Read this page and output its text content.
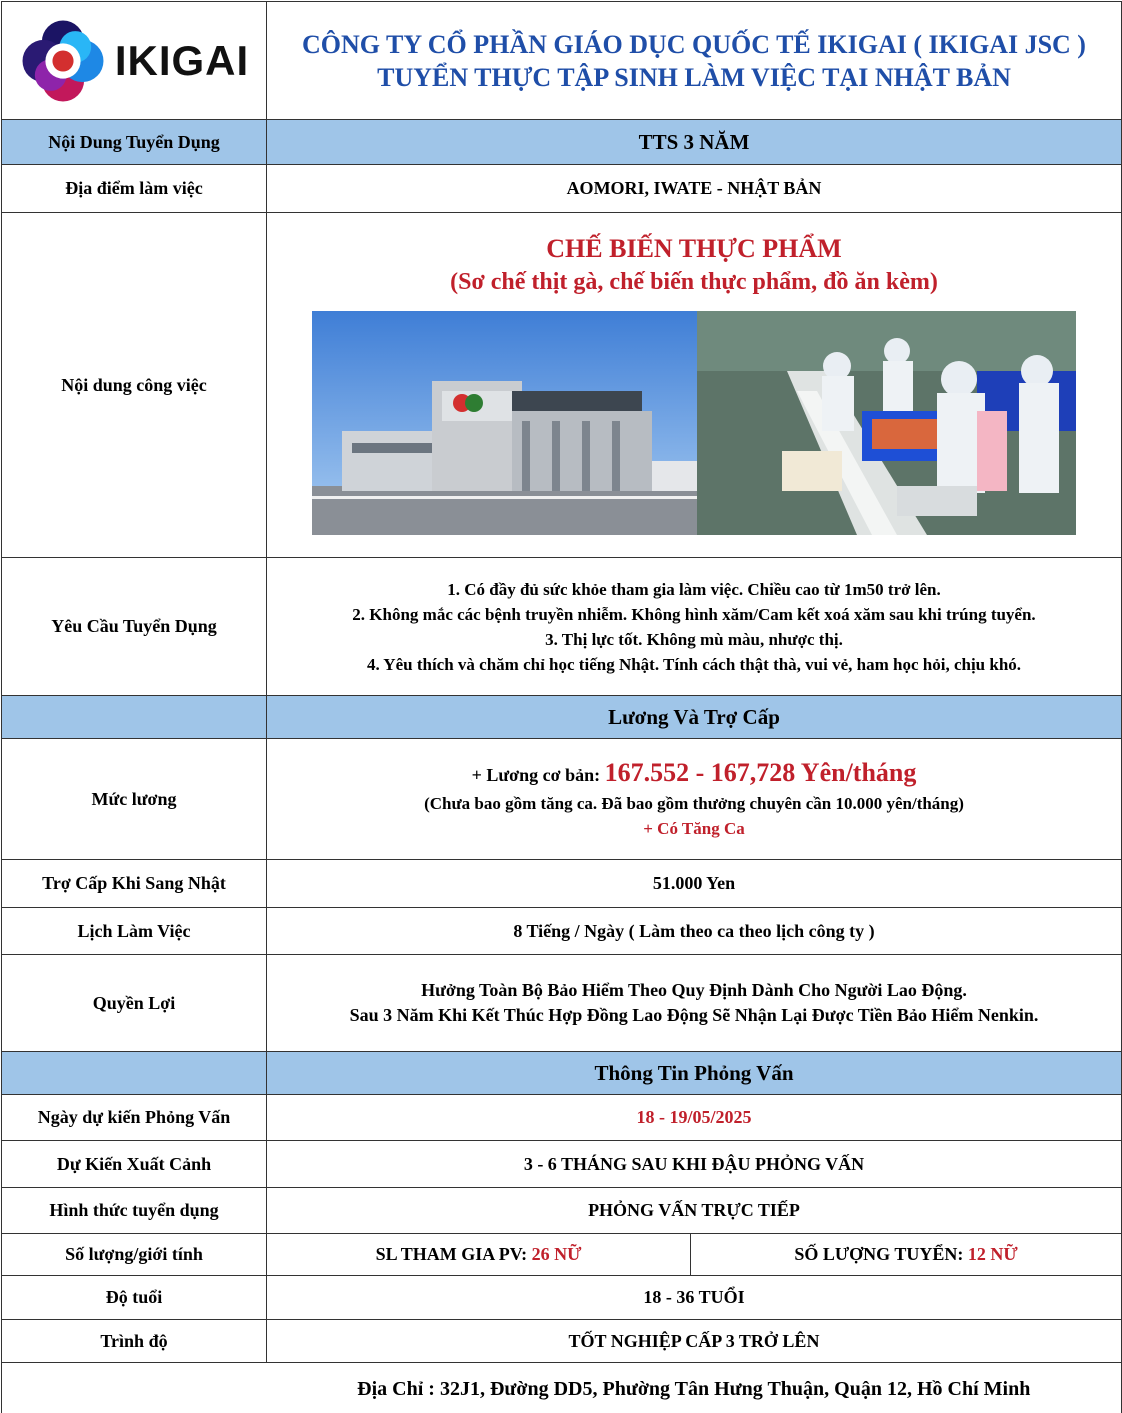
IKIGAI	CÔNG TY CỔ PHẦN GIÁO DỤC QUỐC TẾ IKIGAI ( IKIGAI JSC )
TUYỂN THỰC TẬP SINH LÀM VIỆC TẠI NHẬT BẢN	

Nội Dung Tuyển Dụng	TTS 3 NĂM	
Địa điểm làm việc	AOMORI, IWATE - NHẬT BẢN	
Nội dung công việc	CHẾ BIẾN THỰC PHẨM
(Sơ chế thịt gà, chế biến thực phẩm, đồ ăn kèm)	

Yêu Cầu Tuyển Dụng	1. Có đầy đủ sức khỏe tham gia làm việc. Chiều cao từ 1m50 trở lên.

2. Không mắc các bệnh truyền nhiễm. Không hình xăm/Cam kết xoá xăm sau khi trúng tuyển.

3. Thị lực tốt. Không mù màu, nhược thị.

4. Yêu thích và chăm chỉ học tiếng Nhật. Tính cách thật thà, vui vẻ, ham học hỏi, chịu khó.	

	Lương Và Trợ Cấp	
Mức lương	+ Lương cơ bản: 167.552 - 167,728 Yên/tháng
(Chưa bao gồm tăng ca. Đã bao gồm thưởng chuyên cần 10.000 yên/tháng)
+ Có Tăng Ca	

Trợ Cấp Khi Sang Nhật	51.000 Yen	
Lịch Làm Việc	8 Tiếng / Ngày ( Làm theo ca theo lịch công ty )	
Quyền Lợi	Hưởng Toàn Bộ Bảo Hiểm Theo Quy Định Dành Cho Người Lao Động.
Sau 3 Năm Khi Kết Thúc Hợp Đồng Lao Động Sẽ Nhận Lại Được Tiền Bảo Hiểm Nenkin.	

	Thông Tin Phỏng Vấn	
Ngày dự kiến Phỏng Vấn	18 - 19/05/2025	
Dự Kiến Xuất Cảnh	3 - 6 THÁNG SAU KHI ĐẬU PHỎNG VẤN	
Hình thức tuyển dụng	PHỎNG VẤN TRỰC TIẾP	
Số lượng/giới tính	SL THAM GIA PV: 26 NỮ	SỐ LƯỢNG TUYỂN: 12 NỮ
Độ tuổi	18 - 36 TUỔI	
Trình độ	TỐT NGHIỆP CẤP 3 TRỞ LÊN	
	Địa Chỉ : 32J1, Đường DD5, Phường Tân Hưng Thuận, Quận 12, Hồ Chí Minh	
